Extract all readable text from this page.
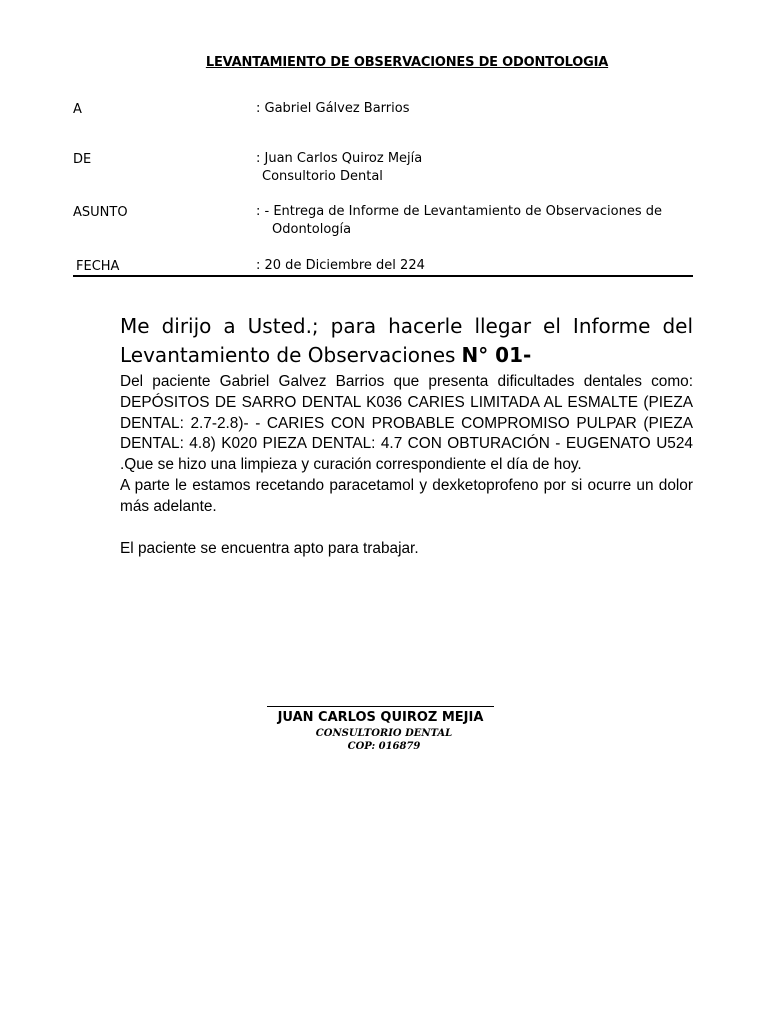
LEVANTAMIENTO DE OBSERVACIONES DE ODONTOLOGIA
A	: Gabriel Gálvez Barrios
DE	: Juan Carlos Quiroz Mejía
Consultorio Dental
ASUNTO	: - Entrega de Informe de Levantamiento de Observaciones de
Odontología
FECHA	: 20 de Diciembre del 224
Me dirijo a Usted.; para hacerle llegar el Informe del Levantamiento de Observaciones N° 01-

Del paciente Gabriel Galvez Barrios que presenta dificultades dentales como: DEPÓSITOS DE SARRO DENTAL K036 CARIES LIMITADA AL ESMALTE (PIEZA DENTAL: 2.7-2.8)- - CARIES CON PROBABLE COMPROMISO PULPAR (PIEZA DENTAL: 4.8) K020 PIEZA DENTAL: 4.7 CON OBTURACIÓN - EUGENATO U524 .Que se hizo una limpieza y curación correspondiente el día de hoy.

A parte le estamos recetando paracetamol y dexketoprofeno por si ocurre un dolor más adelante.

El paciente se encuentra apto para trabajar.

JUAN CARLOS QUIROZ MEJIA
CONSULTORIO DENTAL
COP: 016879
